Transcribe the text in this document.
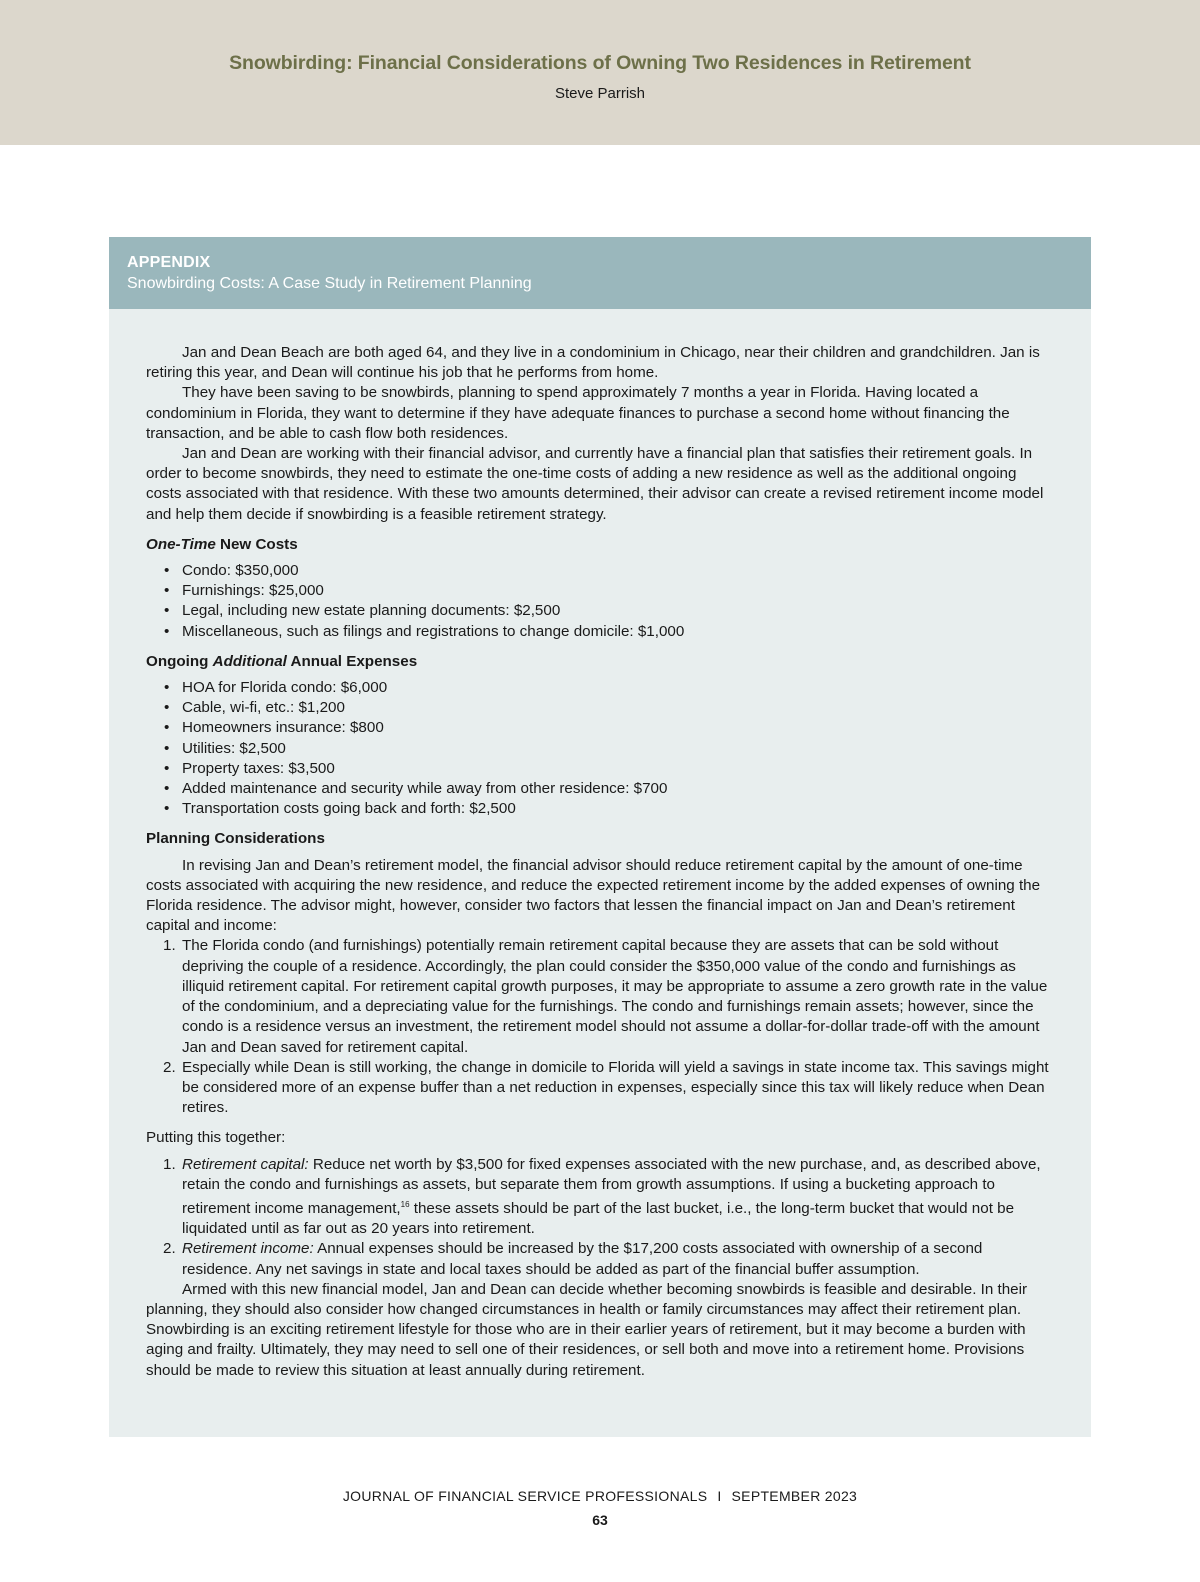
Snowbirding: Financial Considerations of Owning Two Residences in Retirement
Steve Parrish
APPENDIX
Snowbirding Costs: A Case Study in Retirement Planning

Jan and Dean Beach are both aged 64, and they live in a condominium in Chicago, near their children and grandchildren. Jan is retiring this year, and Dean will continue his job that he performs from home.

They have been saving to be snowbirds, planning to spend approximately 7 months a year in Florida. Having located a condominium in Florida, they want to determine if they have adequate finances to purchase a second home without financing the transaction, and be able to cash flow both residences.

Jan and Dean are working with their financial advisor, and currently have a financial plan that satisfies their retirement goals. In order to become snowbirds, they need to estimate the one-time costs of adding a new residence as well as the additional ongoing costs associated with that residence. With these two amounts determined, their advisor can create a revised retirement income model and help them decide if snowbirding is a feasible retirement strategy.

One-Time New Costs
• Condo: $350,000
• Furnishings: $25,000
• Legal, including new estate planning documents: $2,500
• Miscellaneous, such as filings and registrations to change domicile: $1,000
Ongoing Additional Annual Expenses
• HOA for Florida condo: $6,000
• Cable, wi-fi, etc.: $1,200
• Homeowners insurance: $800
• Utilities: $2,500
• Property taxes: $3,500
• Added maintenance and security while away from other residence: $700
• Transportation costs going back and forth: $2,500
Planning Considerations

In revising Jan and Dean’s retirement model, the financial advisor should reduce retirement capital by the amount of one-time costs associated with acquiring the new residence, and reduce the expected retirement income by the added expenses of owning the Florida residence. The advisor might, however, consider two factors that lessen the financial impact on Jan and Dean’s retirement capital and income:

1. The Florida condo (and furnishings) potentially remain retirement capital because they are assets that can be sold without depriving the couple of a residence. Accordingly, the plan could consider the $350,000 value of the condo and furnishings as illiquid retirement capital. For retirement capital growth purposes, it may be appropriate to assume a zero growth rate in the value of the condominium, and a depreciating value for the furnishings. The condo and furnishings remain assets; however, since the condo is a residence versus an investment, the retirement model should not assume a dollar-for-dollar trade-off with the amount Jan and Dean saved for retirement capital.
2. Especially while Dean is still working, the change in domicile to Florida will yield a savings in state income tax. This savings might be considered more of an expense buffer than a net reduction in expenses, especially since this tax will likely reduce when Dean retires.
Putting this together:
1. Retirement capital: Reduce net worth by $3,500 for fixed expenses associated with the new purchase, and, as described above, retain the condo and furnishings as assets, but separate them from growth assumptions. If using a bucketing approach to retirement income management,$^{16}$ these assets should be part of the last bucket, i.e., the long-term bucket that would not be liquidated until as far out as 20 years into retirement.
2. Retirement income: Annual expenses should be increased by the $17,200 costs associated with ownership of a second residence. Any net savings in state and local taxes should be added as part of the financial buffer assumption.

Armed with this new financial model, Jan and Dean can decide whether becoming snowbirds is feasible and desirable. In their planning, they should also consider how changed circumstances in health or family circumstances may affect their retirement plan. Snowbirding is an exciting retirement lifestyle for those who are in their earlier years of retirement, but it may become a burden with aging and frailty. Ultimately, they may need to sell one of their residences, or sell both and move into a retirement home. Provisions should be made to review this situation at least annually during retirement.

JOURNAL OF FINANCIAL SERVICE PROFESSIONALS I SEPTEMBER 2023
63
